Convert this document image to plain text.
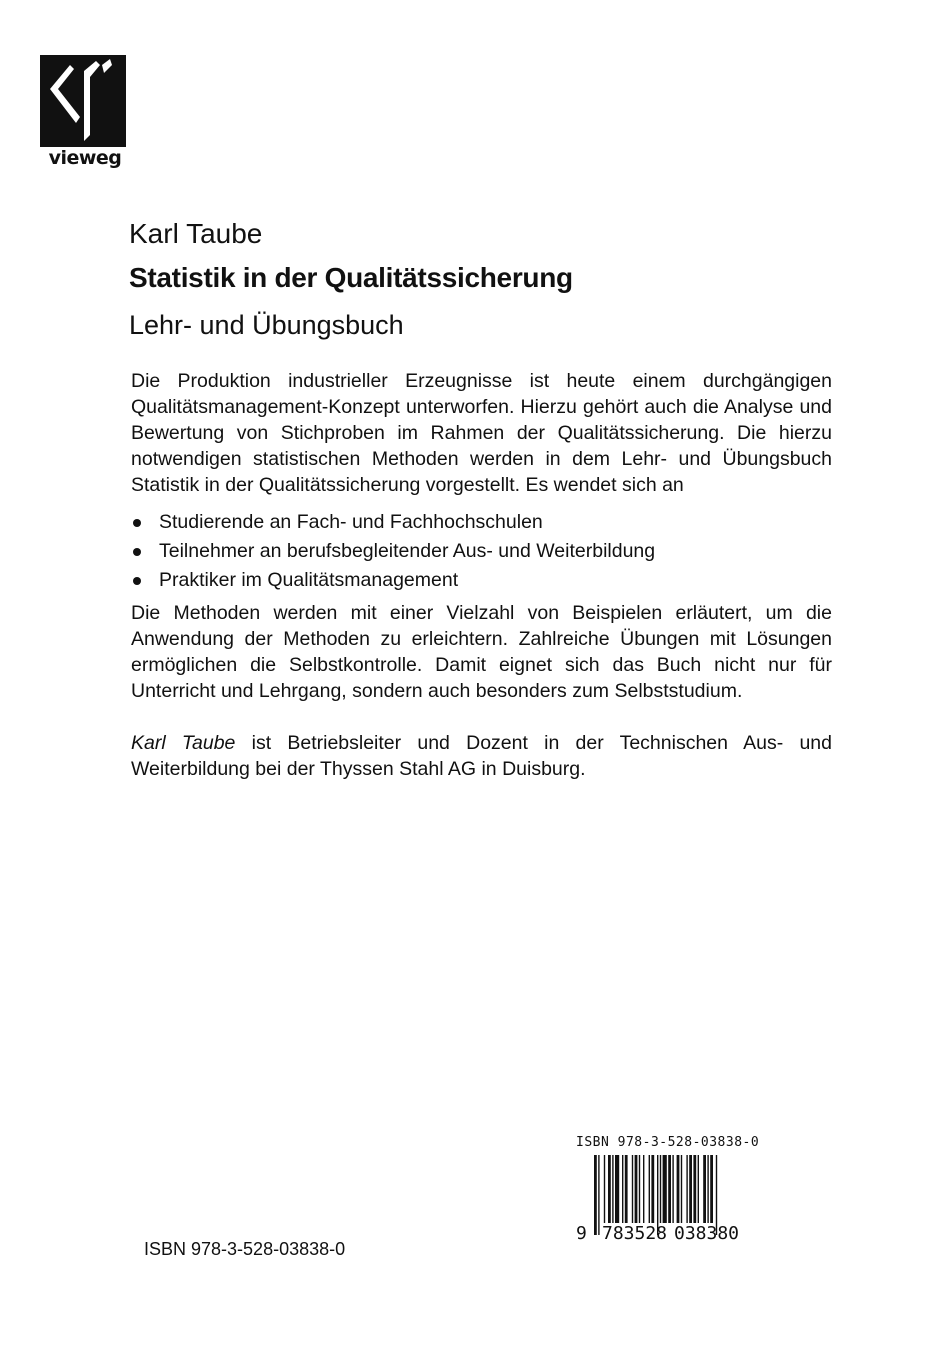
vieweg
Karl Taube
Statistik in der Qualitätssicherung
Lehr- und Übungsbuch

Die Produktion industrieller Erzeugnisse ist heute einem durchgängigen Qualitätsmanagement-Konzept unterworfen. Hierzu gehört auch die Analyse und Bewertung von Stichproben im Rahmen der Qualitätssicherung. Die hierzu notwendigen statistischen Methoden werden in dem Lehr- und Übungsbuch Statistik in der Qualitätssicherung vorgestellt. Es wendet sich an

Studierende an Fach- und Fachhochschulen
Teilnehmer an berufsbegleitender Aus- und Weiterbildung
Praktiker im Qualitätsmanagement

Die Methoden werden mit einer Vielzahl von Beispielen erläutert, um die Anwendung der Methoden zu erleichtern. Zahlreiche Übungen mit Lösungen ermöglichen die Selbstkontrolle. Damit eignet sich das Buch nicht nur für Unterricht und Lehrgang, sondern auch besonders zum Selbststudium.

Karl Taube ist Betriebsleiter und Dozent in der Technischen Aus- und Weiterbildung bei der Thyssen Stahl AG in Duisburg.

ISBN 978-3-528-03838-0
ISBN 978-3-528-03838-0
9 783528 038380
